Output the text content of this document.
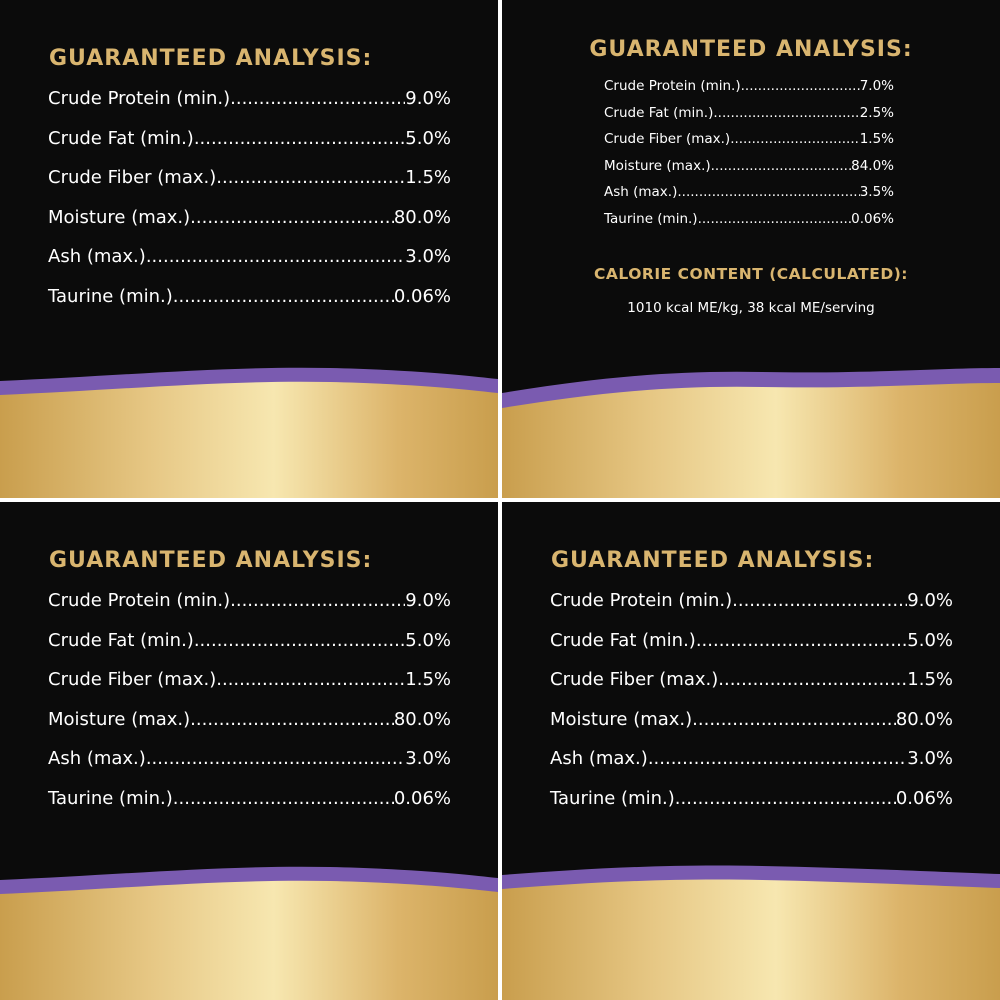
GUARANTEED ANALYSIS:
Crude Protein (min.) .....	9.0%
Crude Fat (min.) .....	5.0%
Crude Fiber (max.) .....	1.5%
Moisture (max.) .....	80.0%
Ash (max.) .....	3.0%
Taurine (min.) .....	0.06%
GUARANTEED ANALYSIS:
Crude Protein (min.) .....	7.0%
Crude Fat (min.) .....	2.5%
Crude Fiber (max.) .....	1.5%
Moisture (max.) .....	84.0%
Ash (max.) .....	3.5%
Taurine (min.) .....	0.06%
CALORIE CONTENT (CALCULATED):

1010 kcal ME/kg, 38 kcal ME/serving

GUARANTEED ANALYSIS:
Crude Protein (min.) .....	9.0%
Crude Fat (min.) .....	5.0%
Crude Fiber (max.) .....	1.5%
Moisture (max.) .....	80.0%
Ash (max.) .....	3.0%
Taurine (min.) .....	0.06%
GUARANTEED ANALYSIS:
Crude Protein (min.) .....	9.0%
Crude Fat (min.) .....	5.0%
Crude Fiber (max.) .....	1.5%
Moisture (max.) .....	80.0%
Ash (max.) .....	3.0%
Taurine (min.) .....	0.06%
